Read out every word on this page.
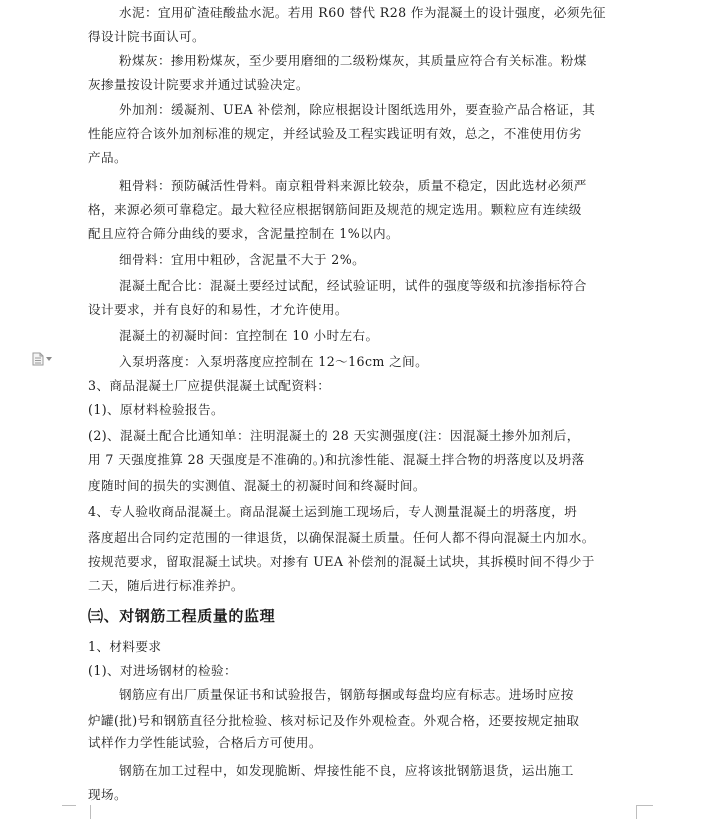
水泥：宜用矿渣硅酸盐水泥。若用 R60 替代 R28 作为混凝土的设计强度，必须先征
得设计院书面认可。
粉煤灰：掺用粉煤灰，至少要用磨细的二级粉煤灰，其质量应符合有关标准。粉煤
灰掺量按设计院要求并通过试验决定。
外加剂：缓凝剂、UEA 补偿剂，除应根据设计图纸选用外，要查验产品合格证，其
性能应符合该外加剂标准的规定，并经试验及工程实践证明有效，总之，不准使用仿劣
产品。
粗骨料：预防碱活性骨料。南京粗骨料来源比较杂，质量不稳定，因此选材必须严
格，来源必须可靠稳定。最大粒径应根据钢筋间距及规范的规定选用。颗粒应有连续级
配且应符合筛分曲线的要求，含泥量控制在 1%以内。
细骨料：宜用中粗砂，含泥量不大于 2%。
混凝土配合比：混凝土要经过试配，经试验证明，试件的强度等级和抗渗指标符合
设计要求，并有良好的和易性，才允许使用。
混凝土的初凝时间：宜控制在 10 小时左右。
入泵坍落度：入泵坍落度应控制在 12～16cm 之间。
3、商品混凝土厂应提供混凝土试配资料：
(1)、原材料检验报告。
(2)、混凝土配合比通知单：注明混凝土的 28 天实测强度(注：因混凝土掺外加剂后，
用 7 天强度推算 28 天强度是不准确的。)和抗渗性能、混凝土拌合物的坍落度以及坍落
度随时间的损失的实测值、混凝土的初凝时间和终凝时间。
4、专人验收商品混凝土。商品混凝土运到施工现场后，专人测量混凝土的坍落度，坍
落度超出合同约定范围的一律退货，以确保混凝土质量。任何人都不得向混凝土内加水。
按规范要求，留取混凝土试块。对掺有 UEA 补偿剂的混凝土试块，其拆模时间不得少于
二天，随后进行标准养护。
㈢、对钢筋工程质量的监理
1、材料要求
(1)、对进场钢材的检验：
钢筋应有出厂质量保证书和试验报告，钢筋每捆或每盘均应有标志。进场时应按
炉罐(批)号和钢筋直径分批检验、核对标记及作外观检查。外观合格，还要按规定抽取
试样作力学性能试验，合格后方可使用。
钢筋在加工过程中，如发现脆断、焊接性能不良，应将该批钢筋退货，运出施工
现场。
